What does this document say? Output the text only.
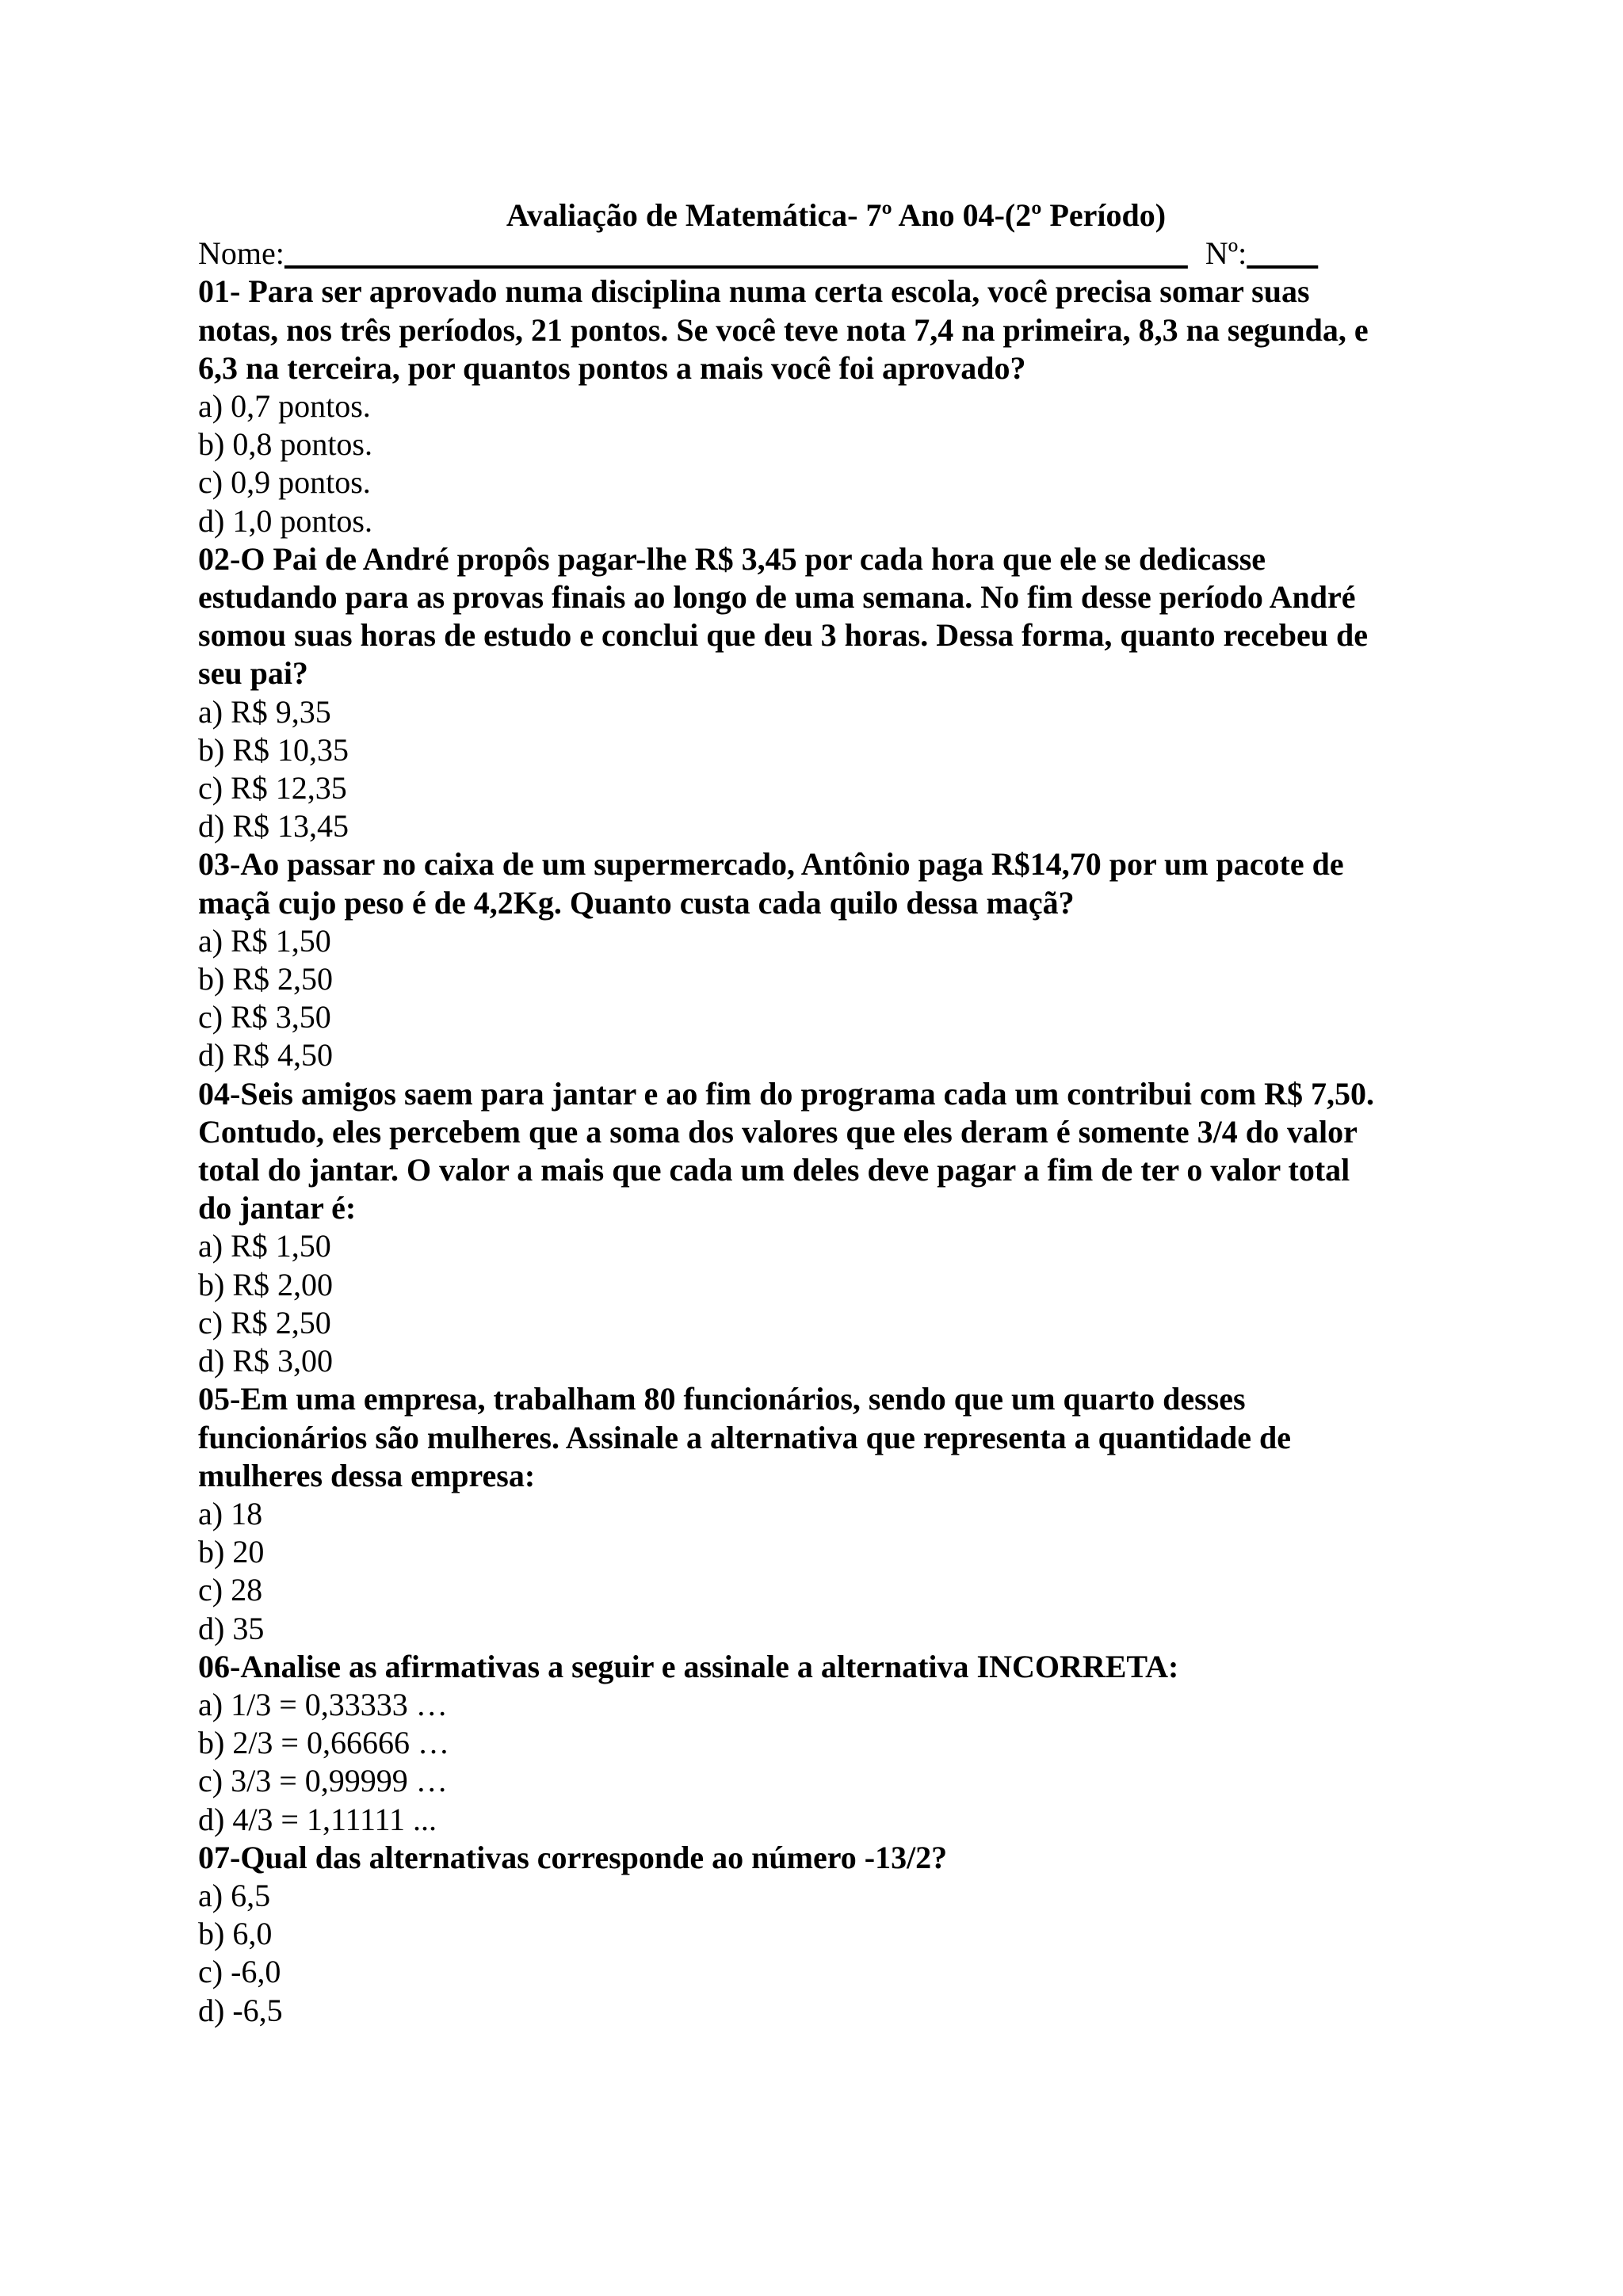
Avaliação de Matemática- 7º Ano 04-(2º Período)
Nome:	Nº:
01- Para ser aprovado numa disciplina numa certa escola, você precisa somar suas
notas, nos três períodos, 21 pontos. Se você teve nota 7,4 na primeira, 8,3 na segunda, e
6,3 na terceira, por quantos pontos a mais você foi aprovado?
a) 0,7 pontos.
b) 0,8 pontos.
c) 0,9 pontos.
d) 1,0 pontos.
02-O Pai de André propôs pagar-lhe R$ 3,45 por cada hora que ele se dedicasse
estudando para as provas finais ao longo de uma semana. No fim desse período André
somou suas horas de estudo e conclui que deu 3 horas. Dessa forma, quanto recebeu de
seu pai?
a) R$ 9,35
b) R$ 10,35
c) R$ 12,35
d) R$ 13,45
03-Ao passar no caixa de um supermercado, Antônio paga R$14,70 por um pacote de
maçã cujo peso é de 4,2Kg. Quanto custa cada quilo dessa maçã?
a) R$ 1,50
b) R$ 2,50
c) R$ 3,50
d) R$ 4,50
04-Seis amigos saem para jantar e ao fim do programa cada um contribui com R$ 7,50.
Contudo, eles percebem que a soma dos valores que eles deram é somente 3/4 do valor
total do jantar. O valor a mais que cada um deles deve pagar a fim de ter o valor total
do jantar é:
a) R$ 1,50
b) R$ 2,00
c) R$ 2,50
d) R$ 3,00
05-Em uma empresa, trabalham 80 funcionários, sendo que um quarto desses
funcionários são mulheres. Assinale a alternativa que representa a quantidade de
mulheres dessa empresa:
a) 18
b) 20
c) 28
d) 35
06-Analise as afirmativas a seguir e assinale a alternativa INCORRETA:
a) 1/3 = 0,33333 …
b) 2/3 = 0,66666 …
c) 3/3 = 0,99999 …
d) 4/3 = 1,11111 ...
07-Qual das alternativas corresponde ao número -13/2?
a) 6,5
b) 6,0
c) -6,0
d) -6,5
